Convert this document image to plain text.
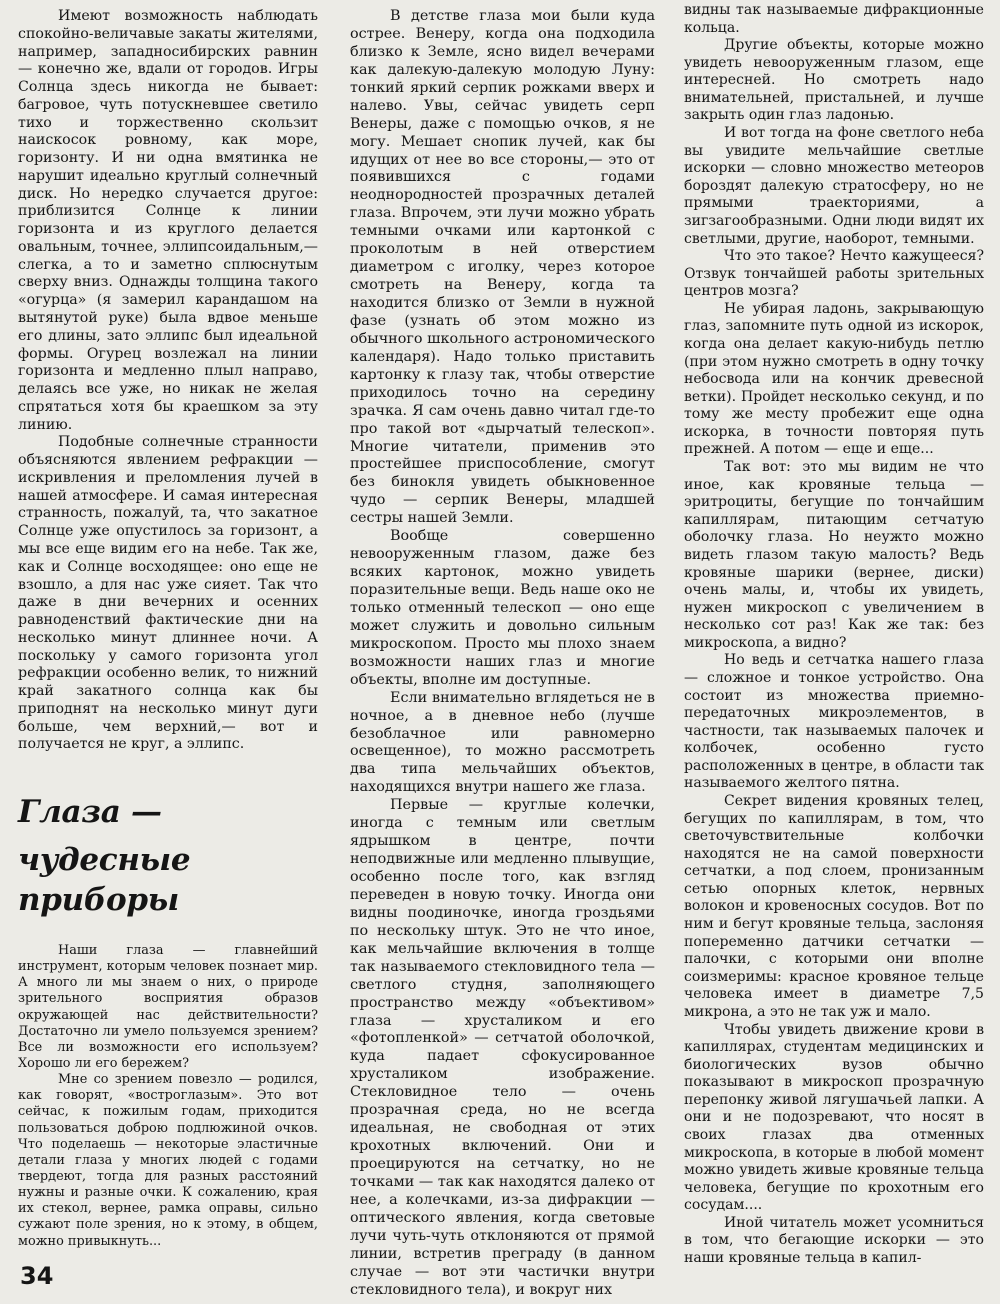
Имеют возможность наблюдать спокойно-величавые закаты жителями, например, западносибирских равнин — конечно же, вдали от городов. Игры Солнца здесь никогда не бывает: багровое, чуть потускневшее светило тихо и торжественно скользит наискосок ровному, как море, горизонту. И ни одна вмятинка не нарушит идеально круглый солнечный диск. Но нередко случается другое: приблизится Солнце к линии горизонта и из круглого делается овальным, точнее, эллипсоидальным,— слегка, а то и заметно сплюснутым сверху вниз. Однажды толщина такого «огурца» (я замерил карандашом на вытянутой руке) была вдвое меньше его длины, зато эллипс был идеальной формы. Огурец возлежал на линии горизонта и медленно плыл направо, делаясь все уже, но никак не желая спрятаться хотя бы краешком за эту линию.

Подобные солнечные странности объясняются явлением рефракции — искривления и преломления лучей в нашей атмосфере. И самая интересная странность, пожалуй, та, что закатное Солнце уже опустилось за горизонт, а мы все еще видим его на небе. Так же, как и Солнце восходящее: оно еще не взошло, а для нас уже сияет. Так что даже в дни вечерних и осенних равноденствий фактические дни на несколько минут длиннее ночи. А поскольку у самого горизонта угол рефракции особенно велик, то нижний край закатного солнца как бы приподнят на несколько минут дуги больше, чем верхний,— вот и получается не круг, а эллипс.

Глаза —
чудесные приборы

Наши глаза — главнейший инструмент, которым человек познает мир. А много ли мы знаем о них, о природе зрительного восприятия образов окружающей нас действительности? Достаточно ли умело пользуемся зрением? Все ли возможности его используем? Хорошо ли его бережем?

Мне со зрением повезло — родился, как говорят, «востроглазым». Это вот сейчас, к пожилым годам, приходится пользоваться доброю подлюжиной очков. Что поделаешь — некоторые эластичные детали глаза у многих людей с годами твердеют, тогда для разных расстояний нужны и разные очки. К сожалению, края их стекол, вернее, рамка оправы, сильно сужают поле зрения, но к этому, в общем, можно привыкнуть...

В детстве глаза мои были куда острее. Венеру, когда она подходила близко к Земле, ясно видел вечерами как далекую-далекую молодую Луну: тонкий яркий серпик рожками вверх и налево. Увы, сейчас увидеть серп Венеры, даже с помощью очков, я не могу. Мешает снопик лучей, как бы идущих от нее во все стороны,— это от появившихся с годами неоднородностей прозрачных деталей глаза. Впрочем, эти лучи можно убрать темными очками или картонкой с проколотым в ней отверстием диаметром с иголку, через которое смотреть на Венеру, когда та находится близко от Земли в нужной фазе (узнать об этом можно из обычного школьного астрономического календаря). Надо только приставить картонку к глазу так, чтобы отверстие приходилось точно на середину зрачка. Я сам очень давно читал где-то про такой вот «дырчатый телескоп». Многие читатели, применив это простейшее приспособление, смогут без бинокля увидеть обыкновенное чудо — серпик Венеры, младшей сестры нашей Земли.

Вообще совершенно невооруженным глазом, даже без всяких картонок, можно увидеть поразительные вещи. Ведь наше око не только отменный телескоп — оно еще может служить и довольно сильным микроскопом. Просто мы плохо знаем возможности наших глаз и многие объекты, вполне им доступные.

Если внимательно вглядеться не в ночное, а в дневное небо (лучше безоблачное или равномерно освещенное), то можно рассмотреть два типа мельчайших объектов, находящихся внутри нашего же глаза.

Первые — круглые колечки, иногда с темным или светлым ядрышком в центре, почти неподвижные или медленно плывущие, особенно после того, как взгляд переведен в новую точку. Иногда они видны поодиночке, иногда гроздьями по нескольку штук. Это не что иное, как мельчайшие включения в толще так называемого стекловидного тела — светлого студня, заполняющего пространство между «объективом» глаза — хрусталиком и его «фотопленкой» — сетчатой оболочкой, куда падает сфокусированное хрусталиком изображение. Стекловидное тело — очень прозрачная среда, но не всегда идеальная, не свободная от этих крохотных включений. Они и проецируются на сетчатку, но не точками — так как находятся далеко от нее, а колечками, из-за дифракции — оптического явления, когда световые лучи чуть-чуть отклоняются от прямой линии, встретив преграду (в данном случае — вот эти частички внутри стекловидного тела), и вокруг них

видны так называемые дифракционные кольца.

Другие объекты, которые можно увидеть невооруженным глазом, еще интересней. Но смотреть надо внимательней, пристальней, и лучше закрыть один глаз ладонью.

И вот тогда на фоне светлого неба вы увидите мельчайшие светлые искорки — словно множество метеоров бороздят далекую стратосферу, но не прямыми траекториями, а зигзагообразными. Одни люди видят их светлыми, другие, наоборот, темными.

Что это такое? Нечто кажущееся? Отзвук тончайшей работы зрительных центров мозга?

Не убирая ладонь, закрывающую глаз, запомните путь одной из искорок, когда она делает какую-нибудь петлю (при этом нужно смотреть в одну точку небосвода или на кончик древесной ветки). Пройдет несколько секунд, и по тому же месту пробежит еще одна искорка, в точности повторяя путь прежней. А потом — еще и еще...

Так вот: это мы видим не что иное, как кровяные тельца — эритроциты, бегущие по тончайшим капиллярам, питающим сетчатую оболочку глаза. Но неужто можно видеть глазом такую малость? Ведь кровяные шарики (вернее, диски) очень малы, и, чтобы их увидеть, нужен микроскоп с увеличением в несколько сот раз! Как же так: без микроскопа, а видно?

Но ведь и сетчатка нашего глаза — сложное и тонкое устройство. Она состоит из множества приемно-передаточных микроэлементов, в частности, так называемых палочек и колбочек, особенно густо расположенных в центре, в области так называемого желтого пятна.

Секрет видения кровяных телец, бегущих по капиллярам, в том, что светочувствительные колбочки находятся не на самой поверхности сетчатки, а под слоем, пронизанным сетью опорных клеток, нервных волокон и кровеносных сосудов. Вот по ним и бегут кровяные тельца, заслоняя попеременно датчики сетчатки — палочки, с которыми они вполне соизмеримы: красное кровяное тельце человека имеет в диаметре 7,5 микрона, а это не так уж и мало.

Чтобы увидеть движение крови в капиллярах, студентам медицинских и биологических вузов обычно показывают в микроскоп прозрачную перепонку живой лягушачьей лапки. А они и не подозревают, что носят в своих глазах два отменных микроскопа, в которые в любой момент можно увидеть живые кровяные тельца человека, бегущие по крохотным его сосудам....

Иной читатель может усомниться в том, что бегающие искорки — это наши кровяные тельца в капил-

34
